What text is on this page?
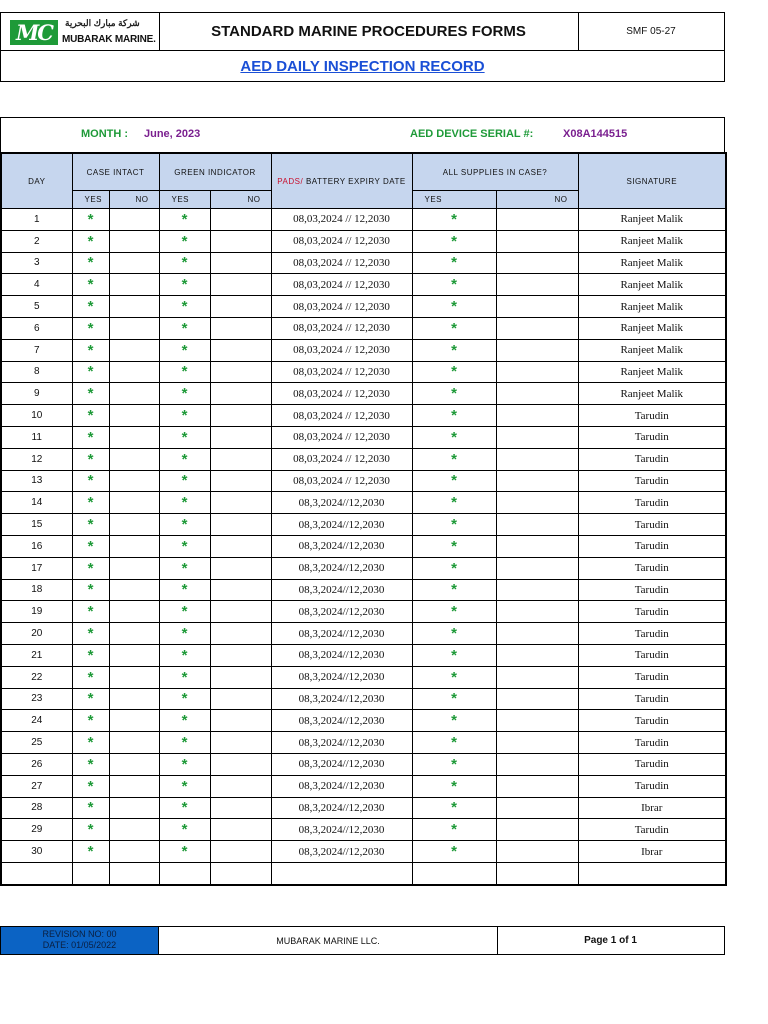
MC	شركة مبارك البحرية
MUBARAK MARINE.	STANDARD MARINE PROCEDURES FORMS	SMF 05-27
AED DAILY INSPECTION RECORD
MONTH : June, 2023	AED DEVICE SERIAL #:	X08A144515
DAY	CASE INTACT		GREEN INDICATOR		PADS/ BATTERY EXPIRY DATE	ALL SUPPLIES IN CASE?		SIGNATURE
	YES	NO	YES	NO		YES	NO	
1	*		*		08,03,2024 // 12,2030	*		Ranjeet Malik
2	*		*		08,03,2024 // 12,2030	*		Ranjeet Malik
3	*		*		08,03,2024 // 12,2030	*		Ranjeet Malik
4	*		*		08,03,2024 // 12,2030	*		Ranjeet Malik
5	*		*		08,03,2024 // 12,2030	*		Ranjeet Malik
6	*		*		08,03,2024 // 12,2030	*		Ranjeet Malik
7	*		*		08,03,2024 // 12,2030	*		Ranjeet Malik
8	*		*		08,03,2024 // 12,2030	*		Ranjeet Malik
9	*		*		08,03,2024 // 12,2030	*		Ranjeet Malik
10	*		*		08,03,2024 // 12,2030	*		Tarudin
11	*		*		08,03,2024 // 12,2030	*		Tarudin
12	*		*		08,03,2024 // 12,2030	*		Tarudin
13	*		*		08,03,2024 // 12,2030	*		Tarudin
14	*		*		08,3,2024//12,2030	*		Tarudin
15	*		*		08,3,2024//12,2030	*		Tarudin
16	*		*		08,3,2024//12,2030	*		Tarudin
17	*		*		08,3,2024//12,2030	*		Tarudin
18	*		*		08,3,2024//12,2030	*		Tarudin
19	*		*		08,3,2024//12,2030	*		Tarudin
20	*		*		08,3,2024//12,2030	*		Tarudin
21	*		*		08,3,2024//12,2030	*		Tarudin
22	*		*		08,3,2024//12,2030	*		Tarudin
23	*		*		08,3,2024//12,2030	*		Tarudin
24	*		*		08,3,2024//12,2030	*		Tarudin
25	*		*		08,3,2024//12,2030	*		Tarudin
26	*		*		08,3,2024//12,2030	*		Tarudin
27	*		*		08,3,2024//12,2030	*		Tarudin
28	*		*		08,3,2024//12,2030	*		Ibrar
29	*		*		08,3,2024//12,2030	*		Tarudin
30	*		*		08,3,2024//12,2030	*		Ibrar

REVISION NO: 00
DATE: 01/05/2022	MUBARAK MARINE LLC.	Page 1 of 1
